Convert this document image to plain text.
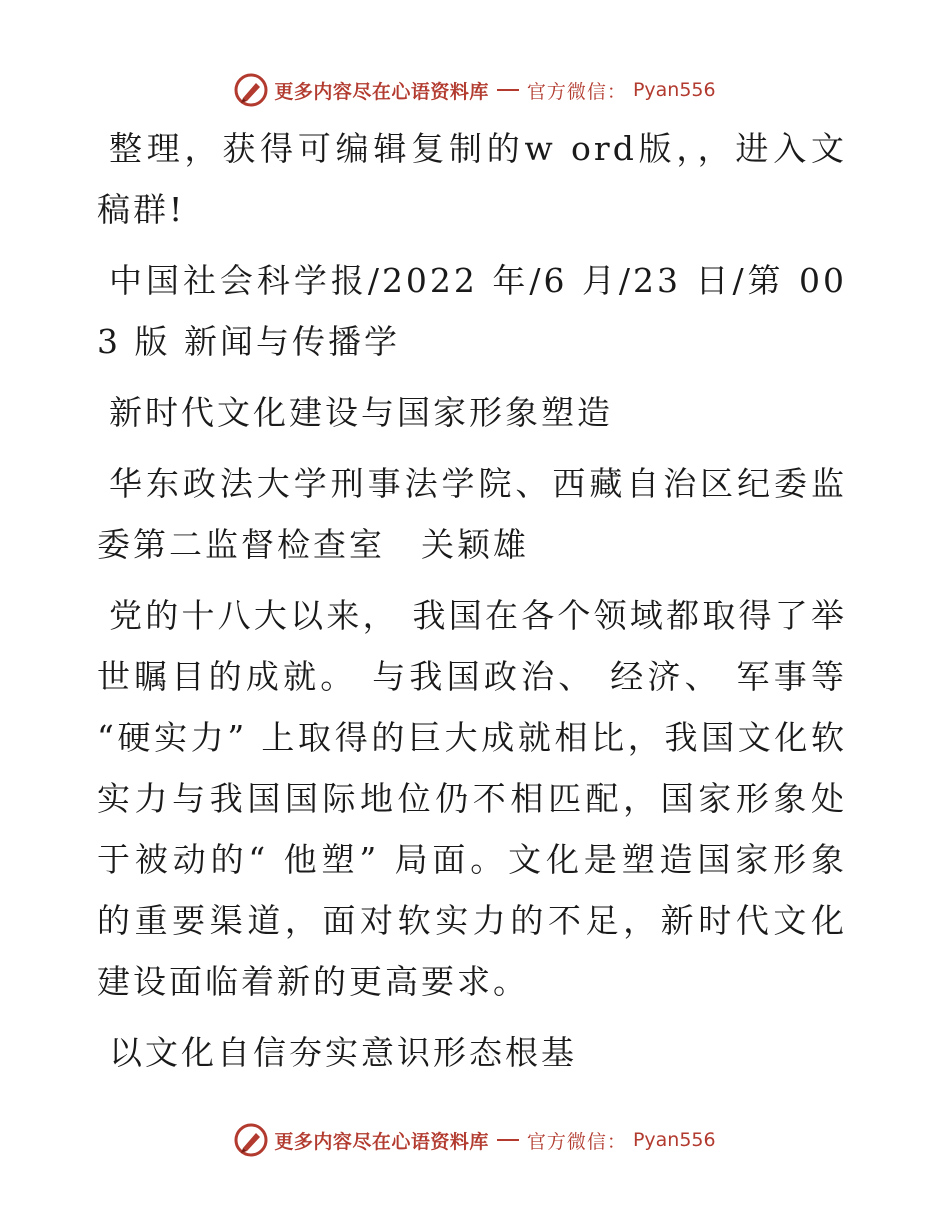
更多内容尽在心语资料库 官方微信： Pyan556

整理，获得可编辑复制的w ord版，，进入文稿群!

中国社会科学报/2022 年/6 月/23 日/第 003 版 新闻与传播学

新时代文化建设与国家形象塑造

华东政法大学刑事法学院、西藏自治区纪委监委第二监督检查室　关颖雄

党的十八大以来， 我国在各个领域都取得了举世瞩目的成就。 与我国政治、 经济、 军事等 “硬实力” 上取得的巨大成就相比，我国文化软实力与我国国际地位仍不相匹配，国家形象处于被动的“ 他塑” 局面。文化是塑造国家形象的重要渠道，面对软实力的不足，新时代文化建设面临着新的更高要求。

以文化自信夯实意识形态根基

更多内容尽在心语资料库 官方微信： Pyan556
